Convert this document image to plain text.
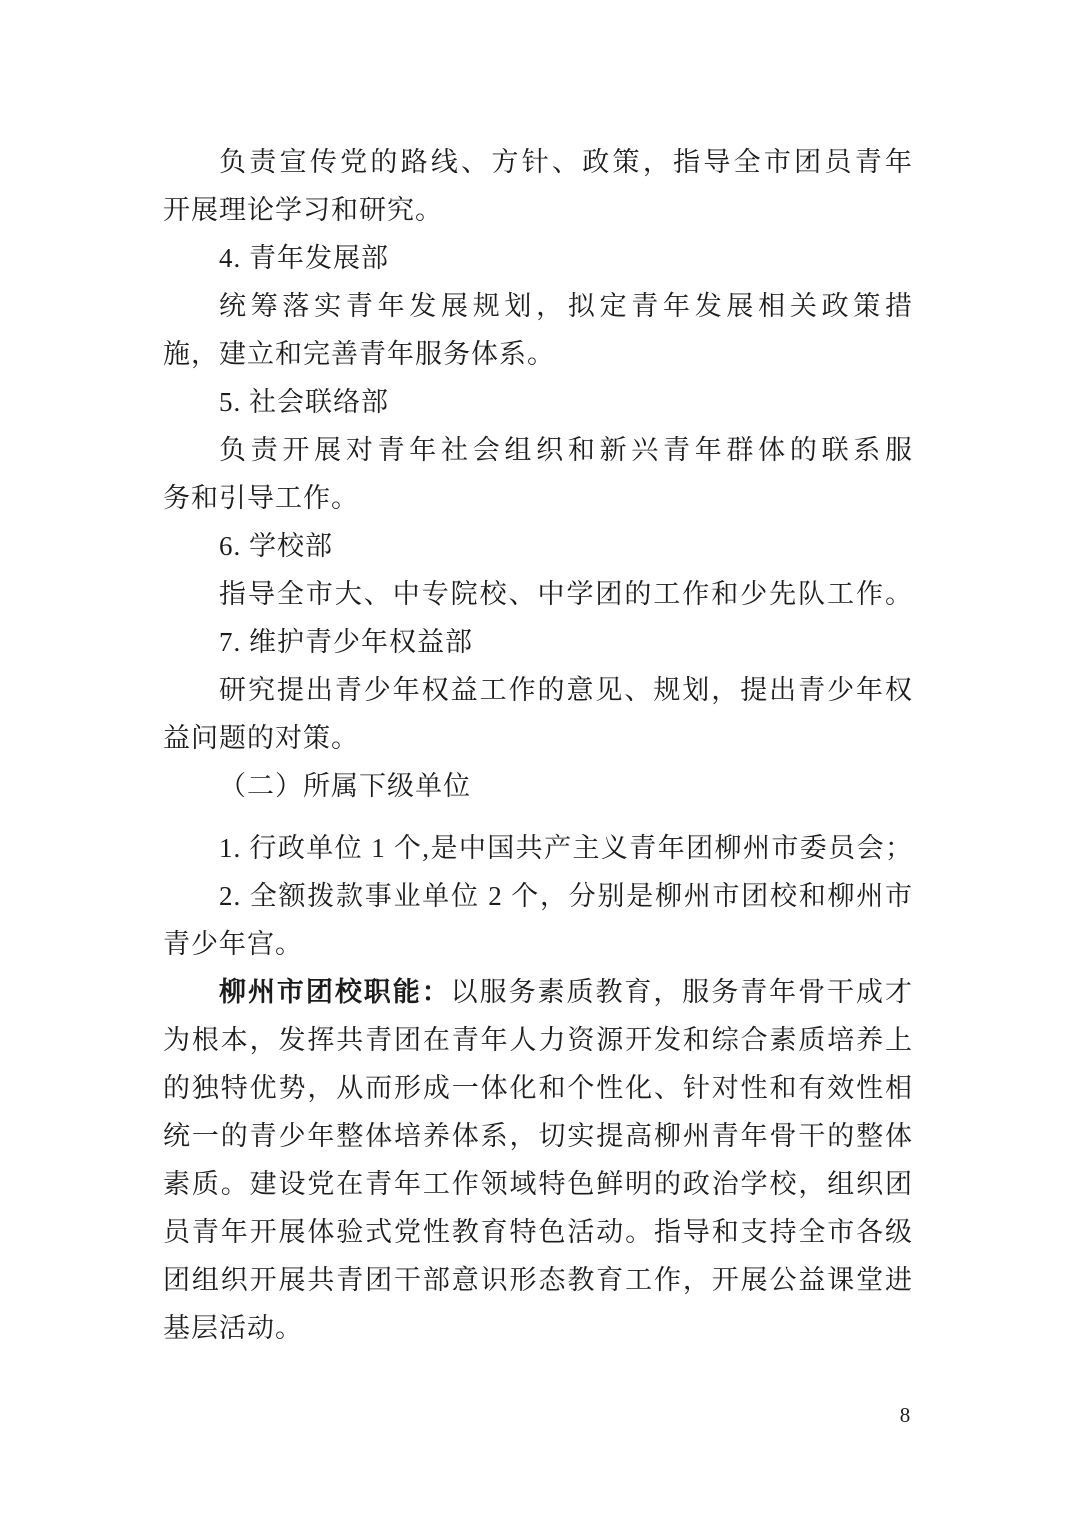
负责宣传党的路线、方针、政策，指导全市团员青年
开展理论学习和研究。
4. 青年发展部
统筹落实青年发展规划，拟定青年发展相关政策措
施，建立和完善青年服务体系。
5. 社会联络部
负责开展对青年社会组织和新兴青年群体的联系服
务和引导工作。
6. 学校部
指导全市大、中专院校、中学团的工作和少先队工作。
7. 维护青少年权益部
研究提出青少年权益工作的意见、规划，提出青少年权
益问题的对策。
（二）所属下级单位
1. 行政单位 1 个,是中国共产主义青年团柳州市委员会；
2. 全额拨款事业单位 2 个，分别是柳州市团校和柳州市
青少年宫。
柳州市团校职能：以服务素质教育，服务青年骨干成才
为根本，发挥共青团在青年人力资源开发和综合素质培养上
的独特优势，从而形成一体化和个性化、针对性和有效性相
统一的青少年整体培养体系，切实提高柳州青年骨干的整体
素质。建设党在青年工作领域特色鲜明的政治学校，组织团
员青年开展体验式党性教育特色活动。指导和支持全市各级
团组织开展共青团干部意识形态教育工作，开展公益课堂进
基层活动。
8
